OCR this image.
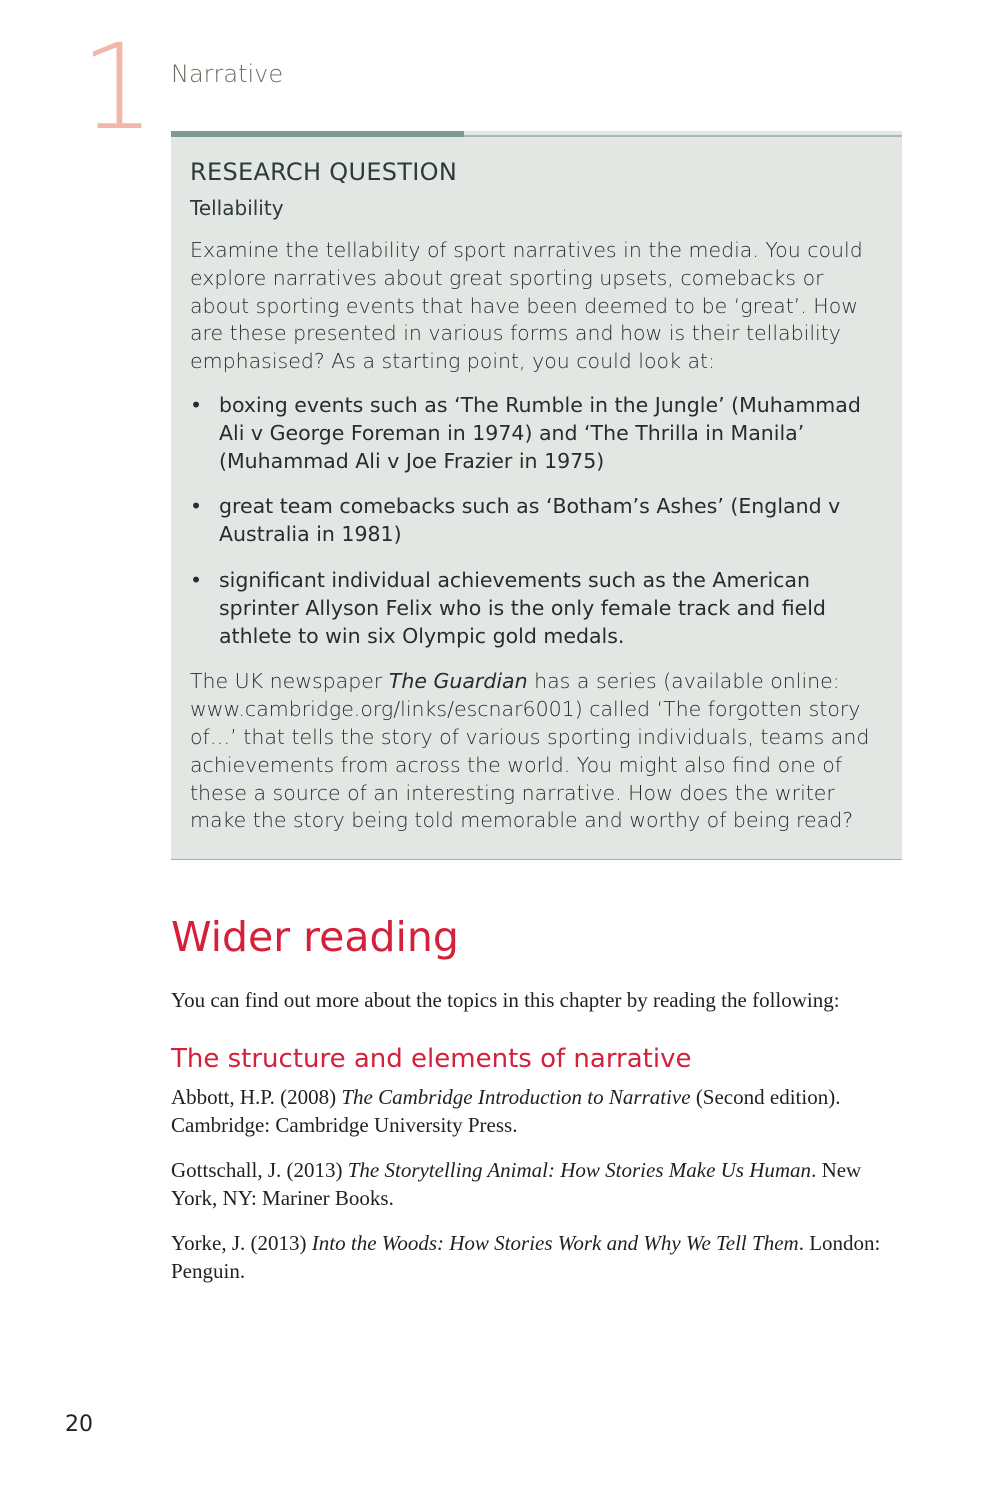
1 Narrative

RESEARCH QUESTION

Tellability

Examine the tellability of sport narratives in the media. You could explore narratives about great sporting upsets, comebacks or about sporting events that have been deemed to be ‘great’. How are these presented in various forms and how is their tellability emphasised? As a starting point, you could look at:

• boxing events such as ‘The Rumble in the Jungle’ (Muhammad Ali v George Foreman in 1974) and ‘The Thrilla in Manila’ (Muhammad Ali v Joe Frazier in 1975)
• great team comebacks such as ‘Botham’s Ashes’ (England v Australia in 1981)
• significant individual achievements such as the American sprinter Allyson Felix who is the only female track and field athlete to win six Olympic gold medals.

The UK newspaper The Guardian has a series (available online: www.cambridge.org/links/escnar6001) called ‘The forgotten story of…’ that tells the story of various sporting individuals, teams and achievements from across the world. You might also find one of these a source of an interesting narrative. How does the writer make the story being told memorable and worthy of being read?

Wider reading

You can find out more about the topics in this chapter by reading the following:

The structure and elements of narrative

Abbott, H.P. (2008) The Cambridge Introduction to Narrative (Second edition). Cambridge: Cambridge University Press.

Gottschall, J. (2013) The Storytelling Animal: How Stories Make Us Human. New York, NY: Mariner Books.

Yorke, J. (2013) Into the Woods: How Stories Work and Why We Tell Them. London: Penguin.

20
